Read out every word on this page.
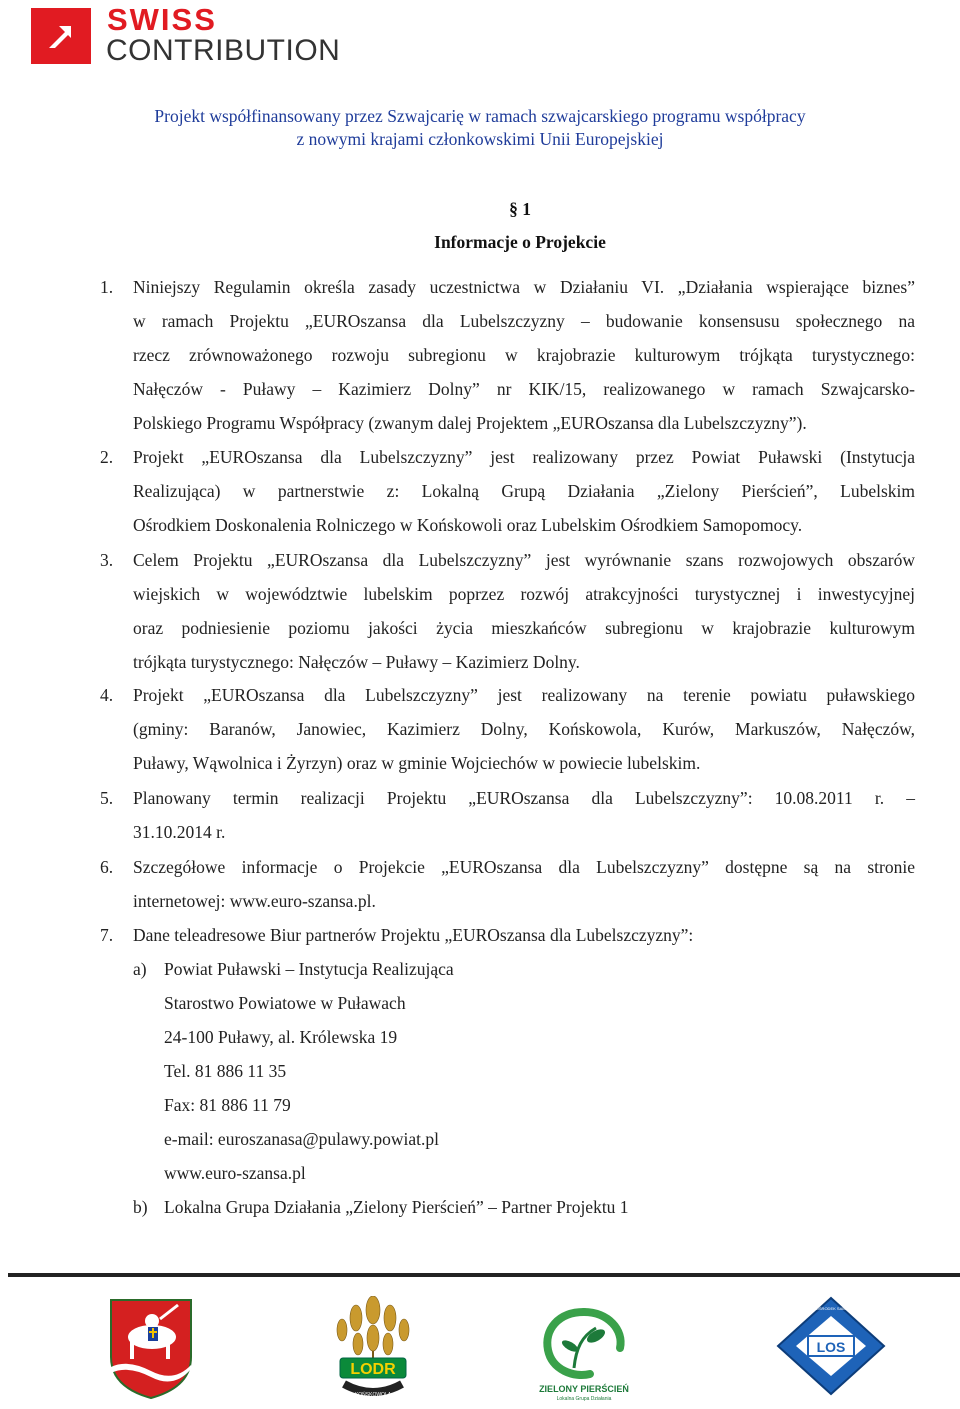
SWISS
CONTRIBUTION
Projekt współfinansowany przez Szwajcarię w ramach szwajcarskiego programu współpracy
z nowymi krajami członkowskimi Unii Europejskiej
§ 1
Informacje o Projekcie
1.	Niniejszy Regulamin określa zasady uczestnictwa w Działaniu VI. „Działania wspierające biznes”
w ramach Projektu „EUROszansa dla Lubelszczyzny – budowanie konsensusu społecznego na
rzecz zrównoważonego rozwoju subregionu w krajobrazie kulturowym trójkąta turystycznego:
Nałęczów - Puławy – Kazimierz Dolny” nr KIK/15, realizowanego w ramach Szwajcarsko-
Polskiego Programu Współpracy (zwanym dalej Projektem „EUROszansa dla Lubelszczyzny”).
2.	Projekt „EUROszansa dla Lubelszczyzny” jest realizowany przez Powiat Puławski (Instytucja
Realizująca) w partnerstwie z: Lokalną Grupą Działania „Zielony Pierścień”, Lubelskim
Ośrodkiem Doskonalenia Rolniczego w Końskowoli oraz Lubelskim Ośrodkiem Samopomocy.
3.	Celem Projektu „EUROszansa dla Lubelszczyzny” jest wyrównanie szans rozwojowych obszarów
wiejskich w województwie lubelskim poprzez rozwój atrakcyjności turystycznej i inwestycyjnej
oraz podniesienie poziomu jakości życia mieszkańców subregionu w krajobrazie kulturowym
trójkąta turystycznego: Nałęczów – Puławy – Kazimierz Dolny.
4.	Projekt „EUROszansa dla Lubelszczyzny” jest realizowany na terenie powiatu puławskiego
(gminy: Baranów, Janowiec, Kazimierz Dolny, Końskowola, Kurów, Markuszów, Nałęczów,
Puławy, Wąwolnica i Żyrzyn) oraz w gminie Wojciechów w powiecie lubelskim.
5.	Planowany termin realizacji Projektu „EUROszansa dla Lubelszczyzny”: 10.08.2011 r. –
31.10.2014 r.
6.	Szczegółowe informacje o Projekcie „EUROszansa dla Lubelszczyzny” dostępne są na stronie
internetowej: www.euro-szansa.pl.
7.	Dane teleadresowe Biur partnerów Projektu „EUROszansa dla Lubelszczyzny”:
a) Powiat Puławski – Instytucja Realizująca
Starostwo Powiatowe w Puławach
24-100 Puławy, al. Królewska 19
Tel. 81 886 11 35
Fax: 81 886 11 79
e-mail: euroszanasa@pulawy.powiat.pl
www.euro-szansa.pl
b) Lokalna Grupa Działania „Zielony Pierścień” – Partner Projektu 1
LODR
KOŃSKOWOLA
ZIELONY PIERŚCIEŃ
Lokalna Grupa Działania
LOS
LUBELSKI OŚRODEK SAMOPOMOCY
